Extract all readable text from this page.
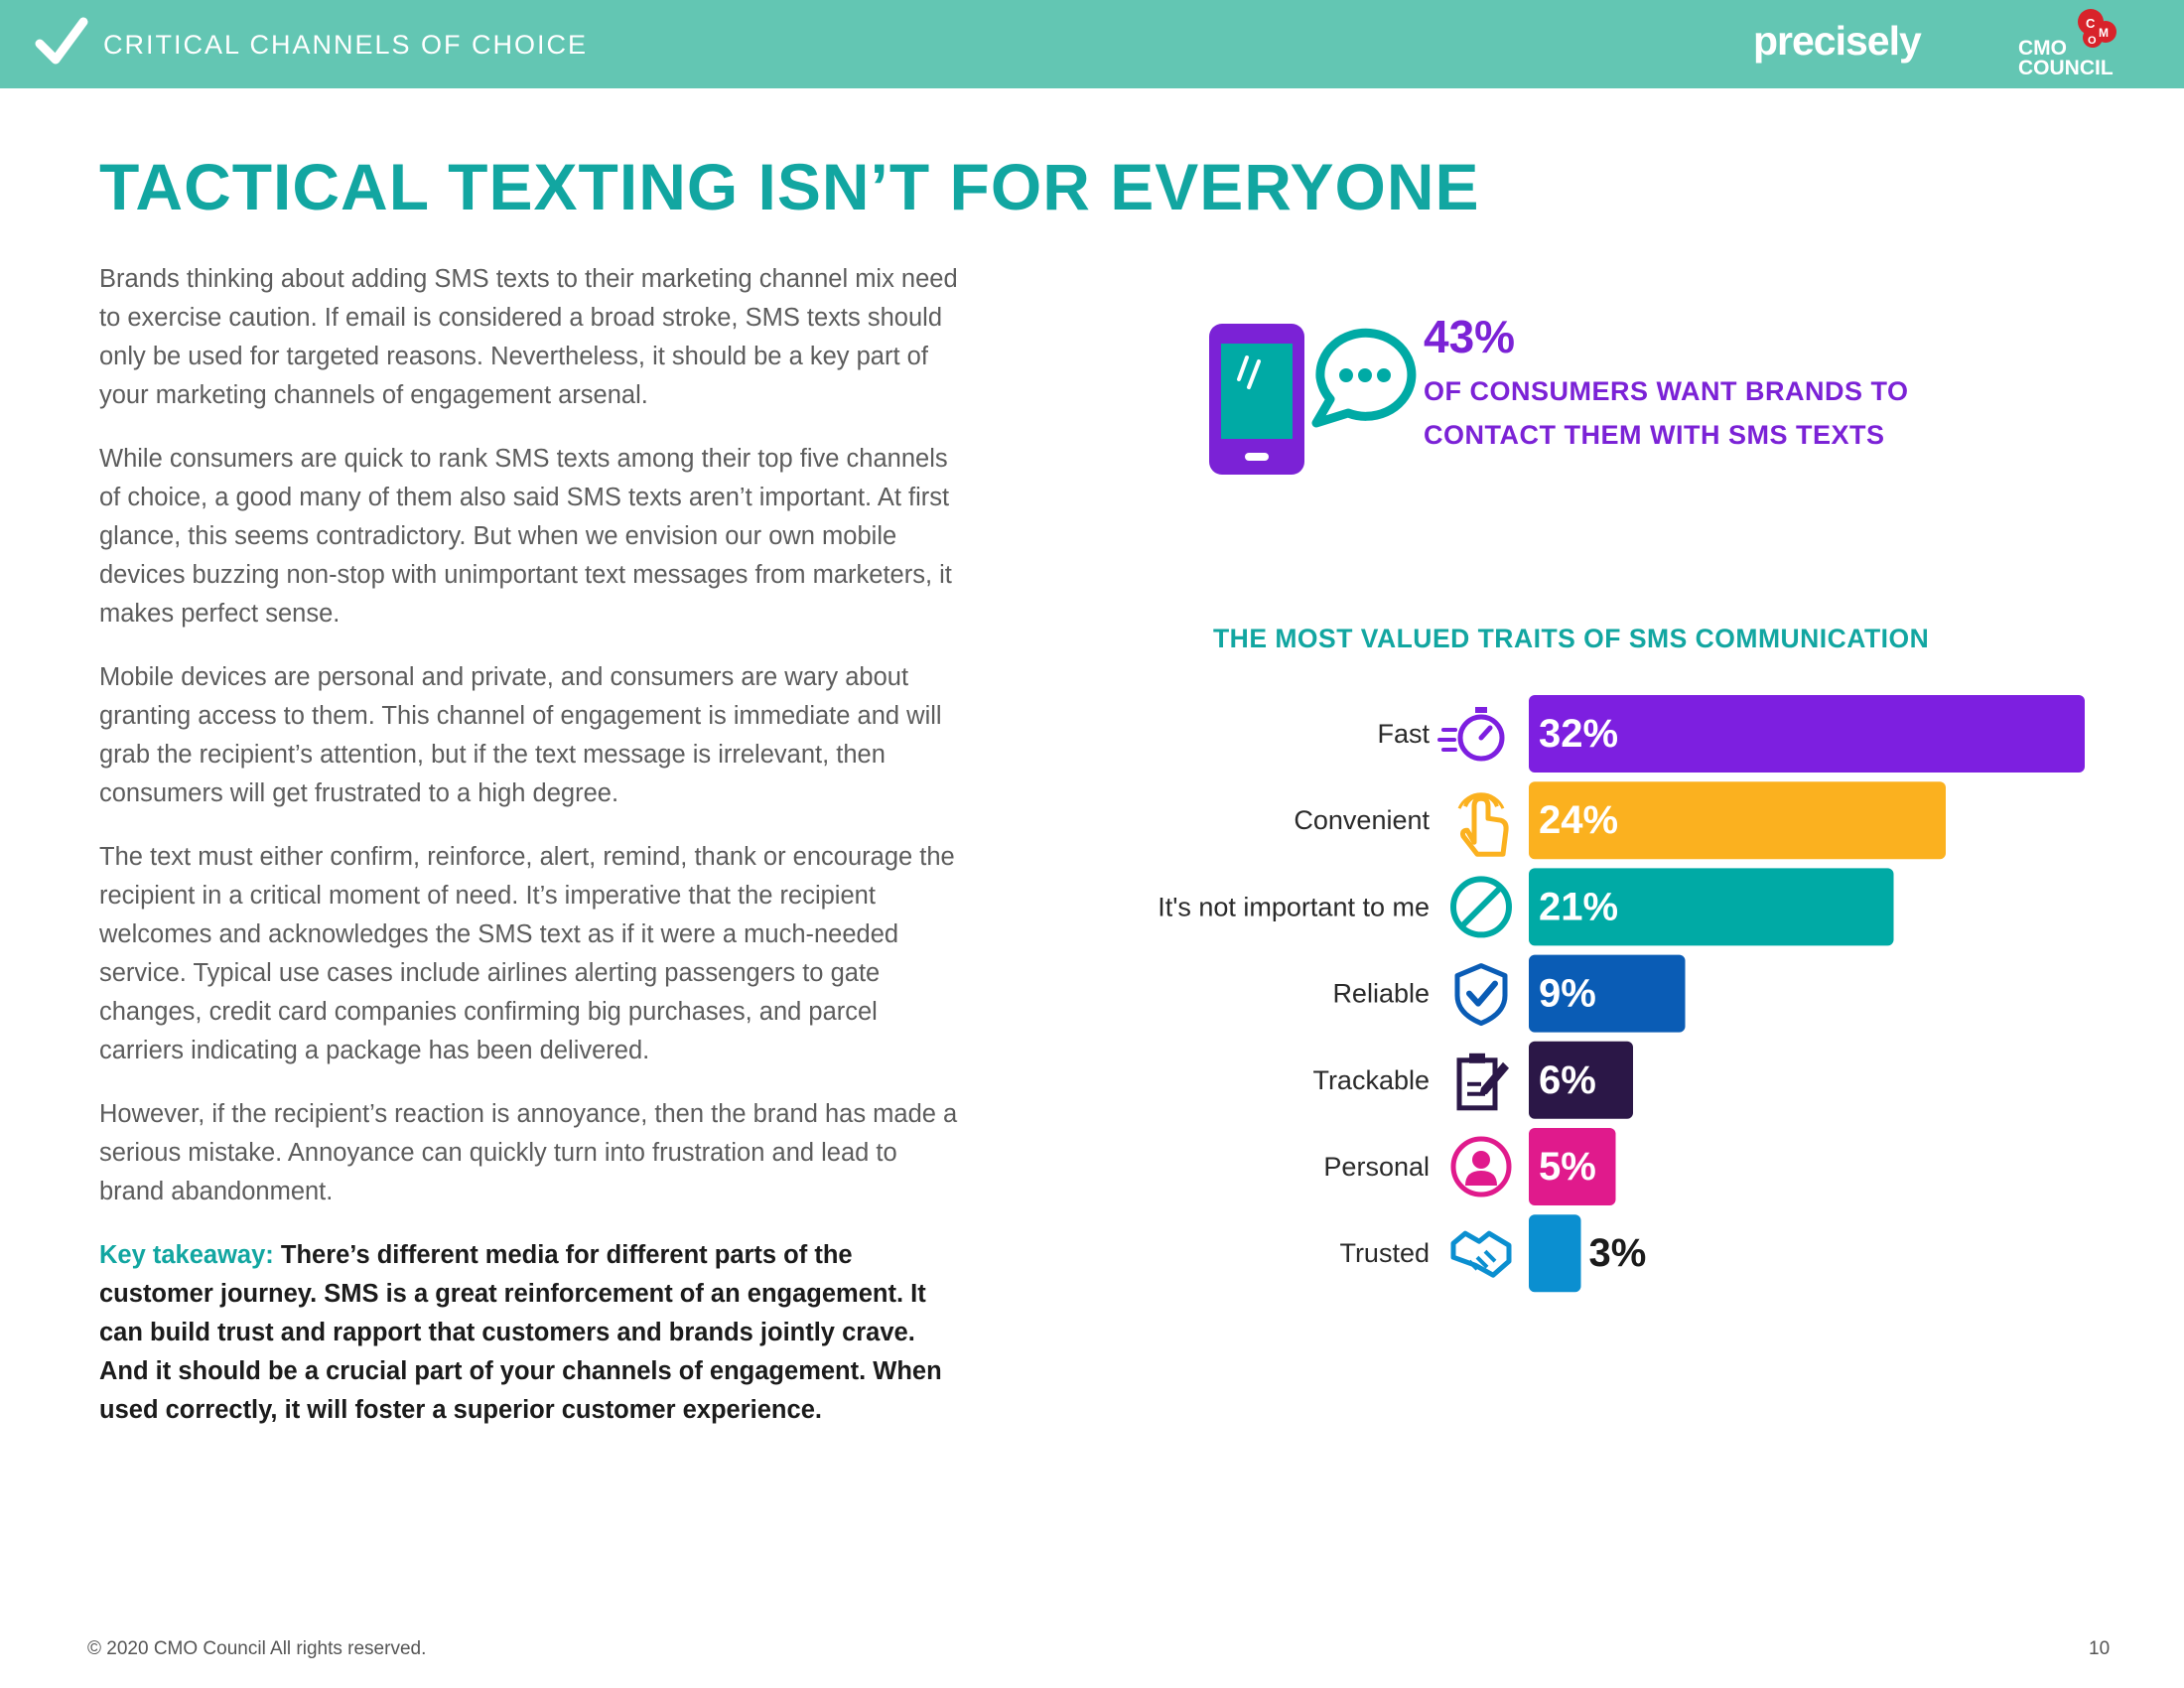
CRITICAL CHANNELS OF CHOICE	precisely	C
M
O
CMO
COUNCIL
TACTICAL TEXTING ISN’T FOR EVERYONE

Brands thinking about adding SMS texts to their marketing channel mix need to exercise caution. If email is considered a broad stroke, SMS texts should only be used for targeted reasons. Nevertheless, it should be a key part of your marketing channels of engagement arsenal.

While consumers are quick to rank SMS texts among their top five channels of choice, a good many of them also said SMS texts aren’t important. At first glance, this seems contradictory. But when we envision our own mobile devices buzzing non-stop with unimportant text messages from marketers, it makes perfect sense.

Mobile devices are personal and private, and consumers are wary about granting access to them. This channel of engagement is immediate and will grab the recipient’s attention, but if the text message is irrelevant, then consumers will get frustrated to a high degree.

The text must either confirm, reinforce, alert, remind, thank or encourage the recipient in a critical moment of need. It’s imperative that the recipient welcomes and acknowledges the SMS text as if it were a much-needed service. Typical use cases include airlines alerting passengers to gate changes, credit card companies confirming big purchases, and parcel carriers indicating a package has been delivered.

However, if the recipient’s reaction is annoyance, then the brand has made a serious mistake. Annoyance can quickly turn into frustration and lead to brand abandonment.

Key takeaway: There’s different media for different parts of the customer journey. SMS is a great reinforcement of an engagement. It can build trust and rapport that customers and brands jointly crave. And it should be a crucial part of your channels of engagement. When used correctly, it will foster a superior customer experience.
43%
OF CONSUMERS WANT BRANDS TO CONTACT THEM WITH SMS TEXTS
THE MOST VALUED TRAITS OF SMS COMMUNICATION
Fast	32%
Convenient	24%
It's not important to me	21%
Reliable	9%
Trackable	6%
Personal	5%
Trusted	3%
© 2020 CMO Council All rights reserved.	10
